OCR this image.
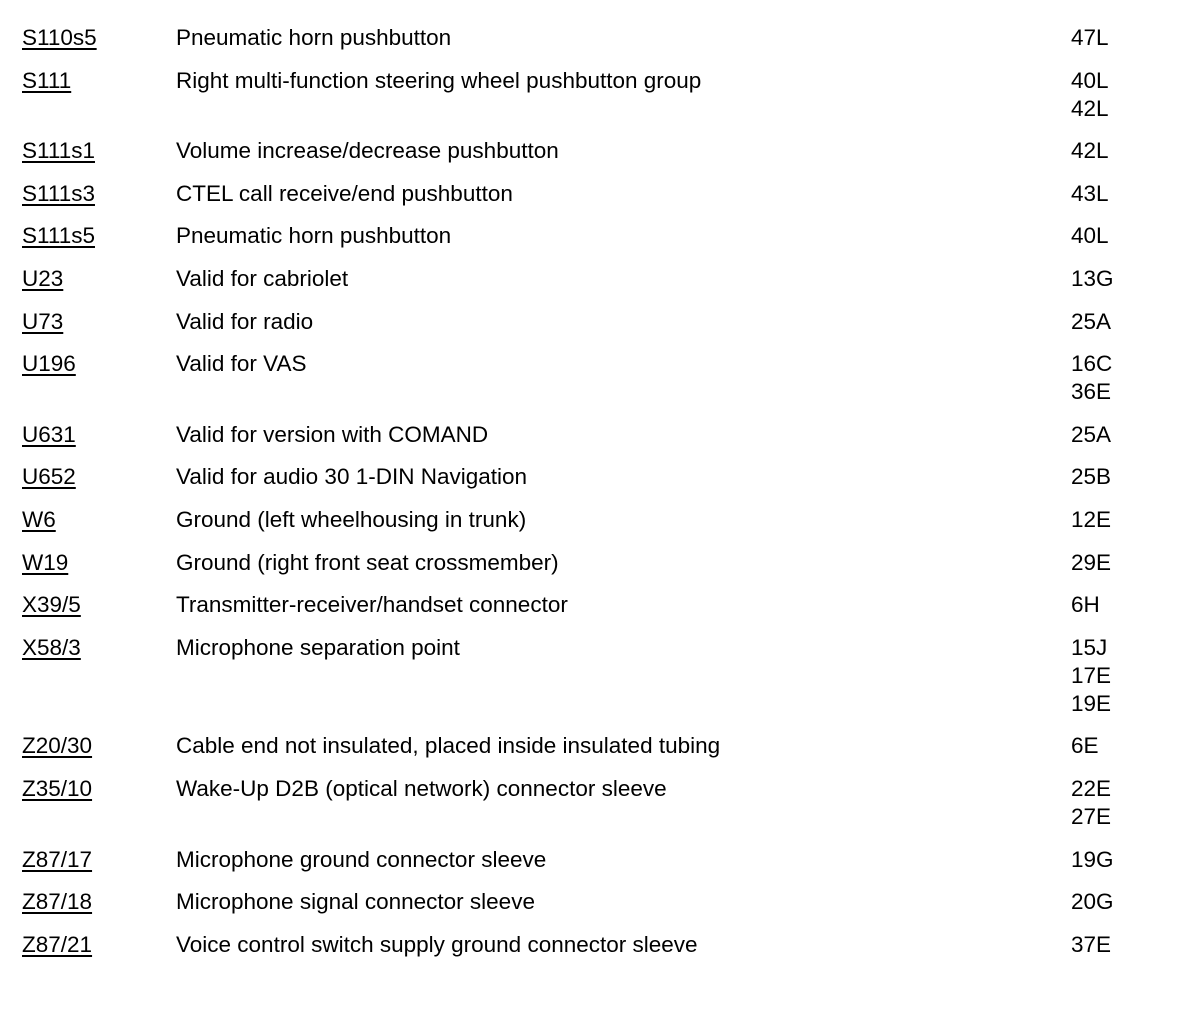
S110s5	Pneumatic horn pushbutton	47L
S111	Right multi-function steering wheel pushbutton group	40L
42L
S111s1	Volume increase/decrease pushbutton	42L
S111s3	CTEL call receive/end pushbutton	43L
S111s5	Pneumatic horn pushbutton	40L
U23	Valid for cabriolet	13G
U73	Valid for radio	25A
U196	Valid for VAS	16C
36E
U631	Valid for version with COMAND	25A
U652	Valid for audio 30 1-DIN Navigation	25B
W6	Ground (left wheelhousing in trunk)	12E
W19	Ground (right front seat crossmember)	29E
X39/5	Transmitter-receiver/handset connector	6H
X58/3	Microphone separation point	15J
17E
19E
Z20/30	Cable end not insulated, placed inside insulated tubing	6E
Z35/10	Wake-Up D2B (optical network) connector sleeve	22E
27E
Z87/17	Microphone ground connector sleeve	19G
Z87/18	Microphone signal connector sleeve	20G
Z87/21	Voice control switch supply ground connector sleeve	37E
